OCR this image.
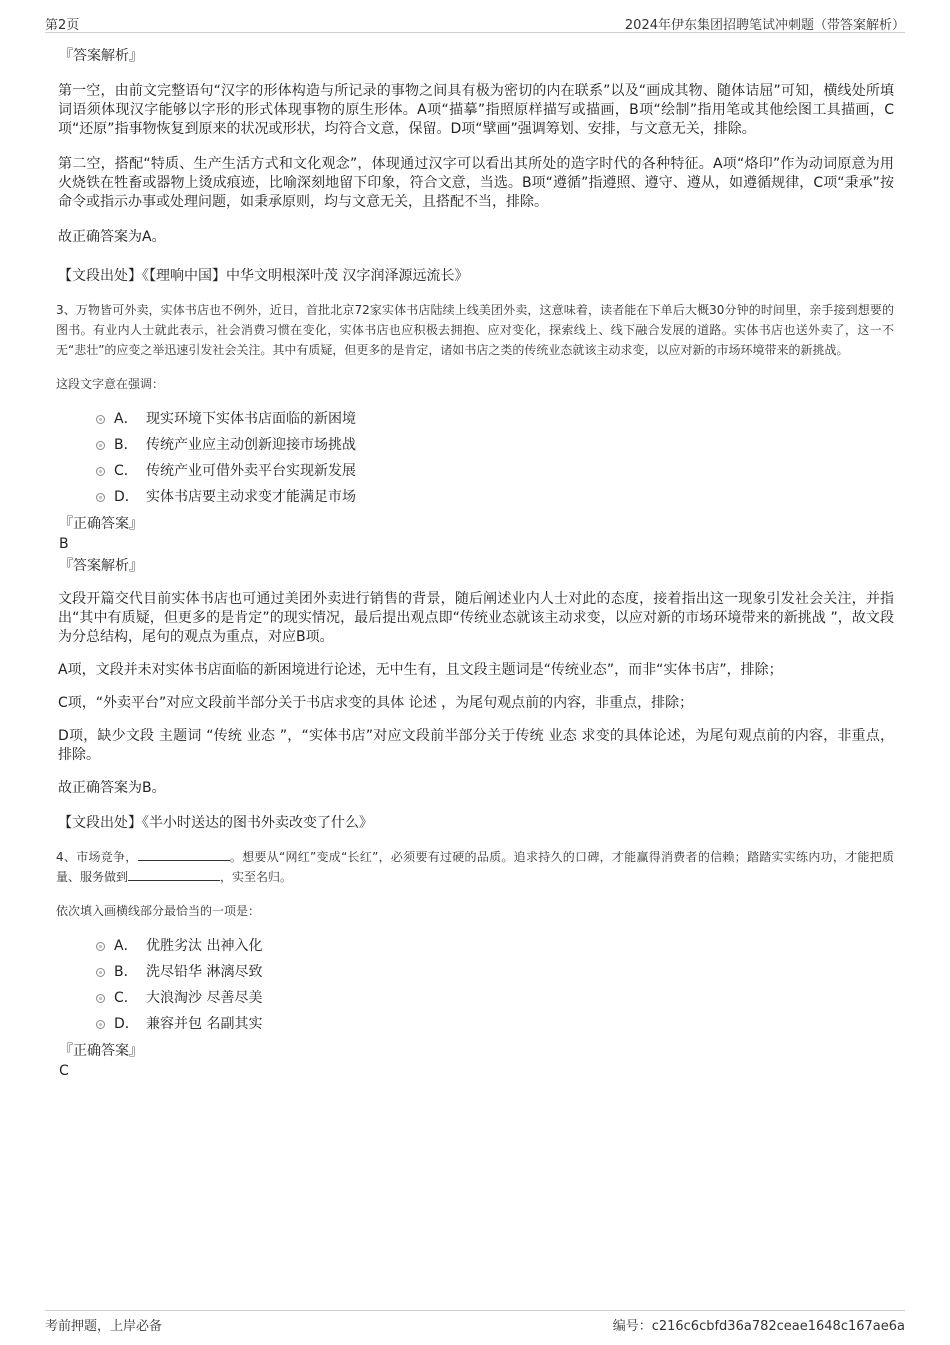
第2页	2024年伊东集团招聘笔试冲刺题（带答案解析）

『答案解析』

第一空，由前文完整语句“汉字的形体构造与所记录的事物之间具有极为密切的内在联系”以及“画成其物、随体诘屈”可知，横线处所填词语须体现汉字能够以字形的形式体现事物的原生形体。A项“描摹”指照原样描写或描画，B项“绘制”指用笔或其他绘图工具描画，C项“还原”指事物恢复到原来的状况或形状，均符合文意，保留。D项“擘画”强调筹划、安排，与文意无关，排除。

第二空，搭配“特质、生产生活方式和文化观念”，体现通过汉字可以看出其所处的造字时代的各种特征。A项“烙印”作为动词原意为用火烧铁在牲畜或器物上烫成痕迹，比喻深刻地留下印象，符合文意，当选。B项“遵循”指遵照、遵守、遵从，如遵循规律，C项“秉承”按命令或指示办事或处理问题，如秉承原则，均与文意无关，且搭配不当，排除。

故正确答案为A。

【文段出处】《【理响中国】中华文明根深叶茂 汉字润泽源远流长》

3、万物皆可外卖，实体书店也不例外，近日，首批北京72家实体书店陆续上线美团外卖，这意味着，读者能在下单后大概30分钟的时间里，亲手接到想要的图书。有业内人士就此表示，社会消费习惯在变化，实体书店也应积极去拥抱、应对变化，探索线上、线下融合发展的道路。实体书店也送外卖了，这一不无“悲壮”的应变之举迅速引发社会关注。其中有质疑，但更多的是肯定，诸如书店之类的传统业态就该主动求变，以应对新的市场环境带来的新挑战。

这段文字意在强调：

A． 现实环境下实体书店面临的新困境
B． 传统产业应主动创新迎接市场挑战
C． 传统产业可借外卖平台实现新发展
D． 实体书店要主动求变才能满足市场

『正确答案』

B

『答案解析』

文段开篇交代目前实体书店也可通过美团外卖进行销售的背景，随后阐述业内人士对此的态度，接着指出这一现象引发社会关注，并指出“其中有质疑，但更多的是肯定”的现实情况，最后提出观点即“传统业态就该主动求变，以应对新的市场环境带来的新挑战 ”，故文段为分总结构，尾句的观点为重点，对应B项。

A项，文段并未对实体书店面临的新困境进行论述，无中生有，且文段主题词是“传统业态”，而非“实体书店”，排除；

C项，“外卖平台”对应文段前半部分关于书店求变的具体 论述 ，为尾句观点前的内容，非重点，排除；

D项，缺少文段 主题词 “传统 业态 ”，“实体书店”对应文段前半部分关于传统 业态 求变的具体论述，为尾句观点前的内容，非重点，排除。

故正确答案为B。

【文段出处】《半小时送达的图书外卖改变了什么》

4、市场竞争，	。想要从“网红”变成“长红”，必须要有过硬的品质。追求持久的口碑，才能赢得消费者的信赖；踏踏实实练内功，才能把质量、服务做到	，实至名归。

依次填入画横线部分最恰当的一项是：

A． 优胜劣汰 出神入化
B． 洗尽铅华 淋漓尽致
C． 大浪淘沙 尽善尽美
D． 兼容并包 名副其实

『正确答案』

C

考前押题，上岸必备	编号：c216c6cbfd36a782ceae1648c167ae6a
